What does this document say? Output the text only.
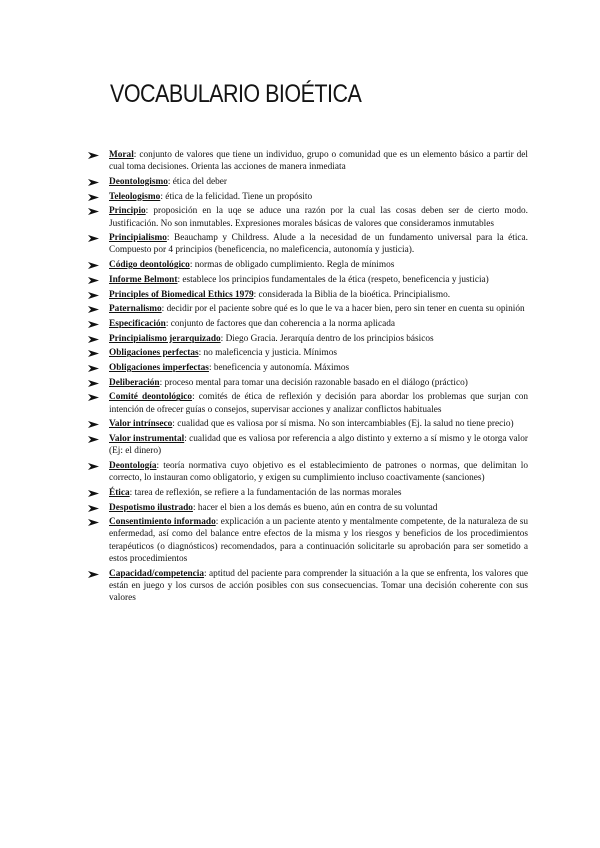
VOCABULARIO BIOÉTICA
Moral: conjunto de valores que tiene un individuo, grupo o comunidad que es un elemento básico a partir del cual toma decisiones. Orienta las acciones de manera inmediata
Deontologismo: ética del deber
Teleologismo: ética de la felicidad. Tiene un propósito
Principio: proposición en la uqe se aduce una razón por la cual las cosas deben ser de cierto modo. Justificación. No son inmutables. Expresiones morales básicas de valores que consideramos inmutables
Principialismo: Beauchamp y Childress. Alude a la necesidad de un fundamento universal para la ética. Compuesto por 4 principios (beneficencia, no maleficencia, autonomía y justicia).
Código deontológico: normas de obligado cumplimiento. Regla de mínimos
Informe Belmont: establece los principios fundamentales de la ética (respeto, beneficencia y justicia)
Principles of Biomedical Ethics 1979: considerada la Biblia de la bioética. Principialismo.
Paternalismo: decidir por el paciente sobre qué es lo que le va a hacer bien, pero sin tener en cuenta su opinión
Especificación: conjunto de factores que dan coherencia a la norma aplicada
Principialismo jerarquizado: Diego Gracia. Jerarquía dentro de los principios básicos
Obligaciones perfectas: no maleficencia y justicia. Mínimos
Obligaciones imperfectas: beneficencia y autonomía. Máximos
Deliberación: proceso mental para tomar una decisión razonable basado en el diálogo (práctico)
Comité deontológico: comités de ética de reflexión y decisión para abordar los problemas que surjan con intención de ofrecer guías o consejos, supervisar acciones y analizar conflictos habituales
Valor intrínseco: cualidad que es valiosa por sí misma. No son intercambiables (Ej. la salud no tiene precio)
Valor instrumental: cualidad que es valiosa por referencia a algo distinto y externo a sí mismo y le otorga valor (Ej: el dinero)
Deontología: teoría normativa cuyo objetivo es el establecimiento de patrones o normas, que delimitan lo correcto, lo instauran como obligatorio, y exigen su cumplimiento incluso coactivamente (sanciones)
Ética: tarea de reflexión, se refiere a la fundamentación de las normas morales
Despotismo ilustrado: hacer el bien a los demás es bueno, aún en contra de su voluntad
Consentimiento informado: explicación a un paciente atento y mentalmente competente, de la naturaleza de su enfermedad, así como del balance entre efectos de la misma y los riesgos y beneficios de los procedimientos terapéuticos (o diagnósticos) recomendados, para a continuación solicitarle su aprobación para ser sometido a estos procedimientos
Capacidad/competencia: aptitud del paciente para comprender la situación a la que se enfrenta, los valores que están en juego y los cursos de acción posibles con sus consecuencias. Tomar una decisión coherente con sus valores
